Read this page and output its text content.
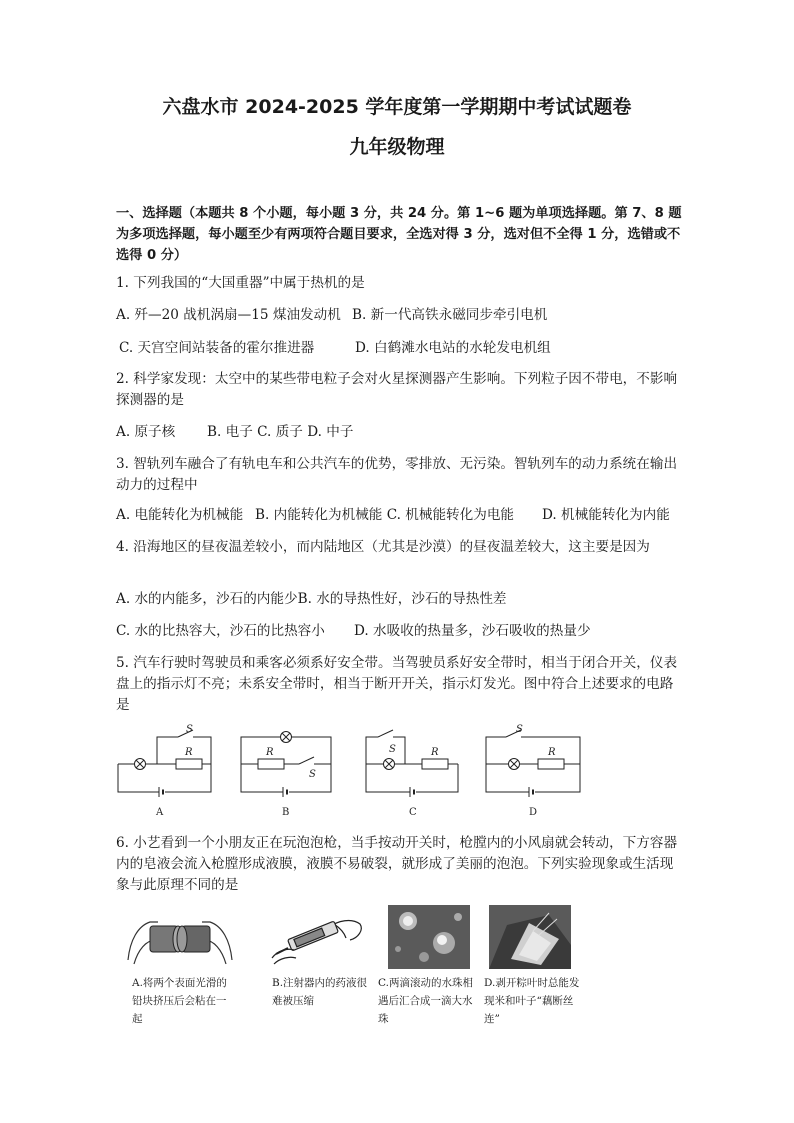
六盘水市 2024-2025 学年度第一学期期中考试试题卷
九年级物理

一、选择题（本题共 8 个小题，每小题 3 分，共 24 分。第 1~6 题为单项选择题。第 7、8 题为多项选择题，每小题至少有两项符合题目要求，全选对得 3 分，选对但不全得 1 分，选错或不选得 0 分）

1. 下列我国的“大国重器”中属于热机的是

A. 歼—20 战机涡扇—15 煤油发动机 B. 新一代高铁永磁同步牵引电机
C. 天宫空间站装备的霍尔推进器	D. 白鹤滩水电站的水轮发电机组

2. 科学家发现：太空中的某些带电粒子会对火星探测器产生影响。下列粒子因不带电，不影响探测器的是

A. 原子核 B. 电子 C. 质子 D. 中子

3. 智轨列车融合了有轨电车和公共汽车的优势，零排放、无污染。智轨列车的动力系统在输出动力的过程中

A. 电能转化为机械能 B. 内能转化为机械能 C. 机械能转化为电能 D. 机械能转化为内能

4. 沿海地区的昼夜温差较小，而内陆地区（尤其是沙漠）的昼夜温差较大，这主要是因为

A. 水的内能多，沙石的内能少B. 水的导热性好，沙石的导热性差
C. 水的比热容大，沙石的比热容小 D. 水吸收的热量多，沙石吸收的热量少

5. 汽车行驶时驾驶员和乘客必须系好安全带。当驾驶员系好安全带时，相当于闭合开关，仪表盘上的指示灯不亮；未系安全带时，相当于断开开关，指示灯发光。图中符合上述要求的电路是

S
R
A
R
S
B
S	R
C
S
R
D

6. 小艺看到一个小朋友正在玩泡泡枪，当手按动开关时，枪膛内的小风扇就会转动，下方容器内的皂液会流入枪膛形成液膜，液膜不易破裂，就形成了美丽的泡泡。下列实验现象或生活现象与此原理不同的是

A.将两个表面光滑的铅块挤压后会粘在一起

B.注射器内的药液很难被压缩

C.两滴滚动的水珠相遇后汇合成一滴大水珠

D.剥开粽叶时总能发现米和叶子“藕断丝连”
